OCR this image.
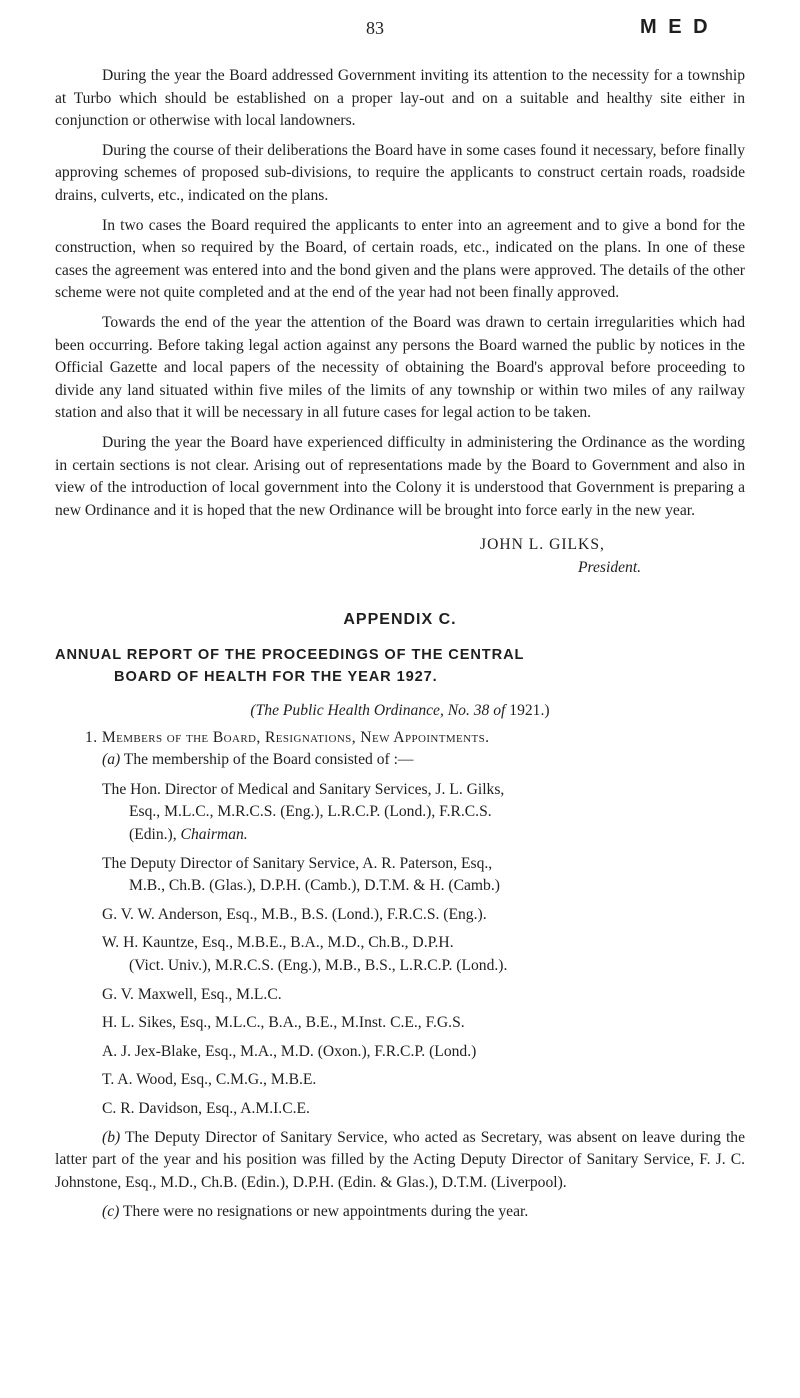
83	M E D

During the year the Board addressed Government inviting its attention to the necessity for a township at Turbo which should be established on a proper lay-out and on a suitable and healthy site either in conjunction or otherwise with local landowners.

During the course of their deliberations the Board have in some cases found it necessary, before finally approving schemes of proposed sub-divisions, to require the applicants to construct certain roads, roadside drains, culverts, etc., indicated on the plans.

In two cases the Board required the applicants to enter into an agreement and to give a bond for the construction, when so required by the Board, of certain roads, etc., indicated on the plans. In one of these cases the agreement was entered into and the bond given and the plans were approved. The details of the other scheme were not quite completed and at the end of the year had not been finally approved.

Towards the end of the year the attention of the Board was drawn to certain irregularities which had been occurring. Before taking legal action against any persons the Board warned the public by notices in the Official Gazette and local papers of the necessity of obtaining the Board's approval before proceeding to divide any land situated within five miles of the limits of any township or within two miles of any railway station and also that it will be necessary in all future cases for legal action to be taken.

During the year the Board have experienced difficulty in administering the Ordinance as the wording in certain sections is not clear. Arising out of representations made by the Board to Government and also in view of the introduction of local government into the Colony it is understood that Government is preparing a new Ordinance and it is hoped that the new Ordinance will be brought into force early in the new year.

JOHN L. GILKS,
President.
APPENDIX C.
ANNUAL REPORT OF THE PROCEEDINGS OF THE CENTRAL
BOARD OF HEALTH FOR THE YEAR 1927.
(The Public Health Ordinance, No. 38 of 1921.)
1. Members of the Board, Resignations, New Appointments.

(a) The membership of the Board consisted of :—

The Hon. Director of Medical and Sanitary Services, J. L. Gilks,
Esq., M.L.C., M.R.C.S. (Eng.), L.R.C.P. (Lond.), F.R.C.S.
(Edin.), Chairman.
The Deputy Director of Sanitary Service, A. R. Paterson, Esq.,
M.B., Ch.B. (Glas.), D.P.H. (Camb.), D.T.M. & H. (Camb.)
G. V. W. Anderson, Esq., M.B., B.S. (Lond.), F.R.C.S. (Eng.).
W. H. Kauntze, Esq., M.B.E., B.A., M.D., Ch.B., D.P.H.
(Vict. Univ.), M.R.C.S. (Eng.), M.B., B.S., L.R.C.P. (Lond.).
G. V. Maxwell, Esq., M.L.C.
H. L. Sikes, Esq., M.L.C., B.A., B.E., M.Inst. C.E., F.G.S.
A. J. Jex-Blake, Esq., M.A., M.D. (Oxon.), F.R.C.P. (Lond.)
T. A. Wood, Esq., C.M.G., M.B.E.
C. R. Davidson, Esq., A.M.I.C.E.

(b) The Deputy Director of Sanitary Service, who acted as Secretary, was absent on leave during the latter part of the year and his position was filled by the Acting Deputy Director of Sanitary Service, F. J. C. Johnstone, Esq., M.D., Ch.B. (Edin.), D.P.H. (Edin. & Glas.), D.T.M. (Liverpool).

(c) There were no resignations or new appointments during the year.
